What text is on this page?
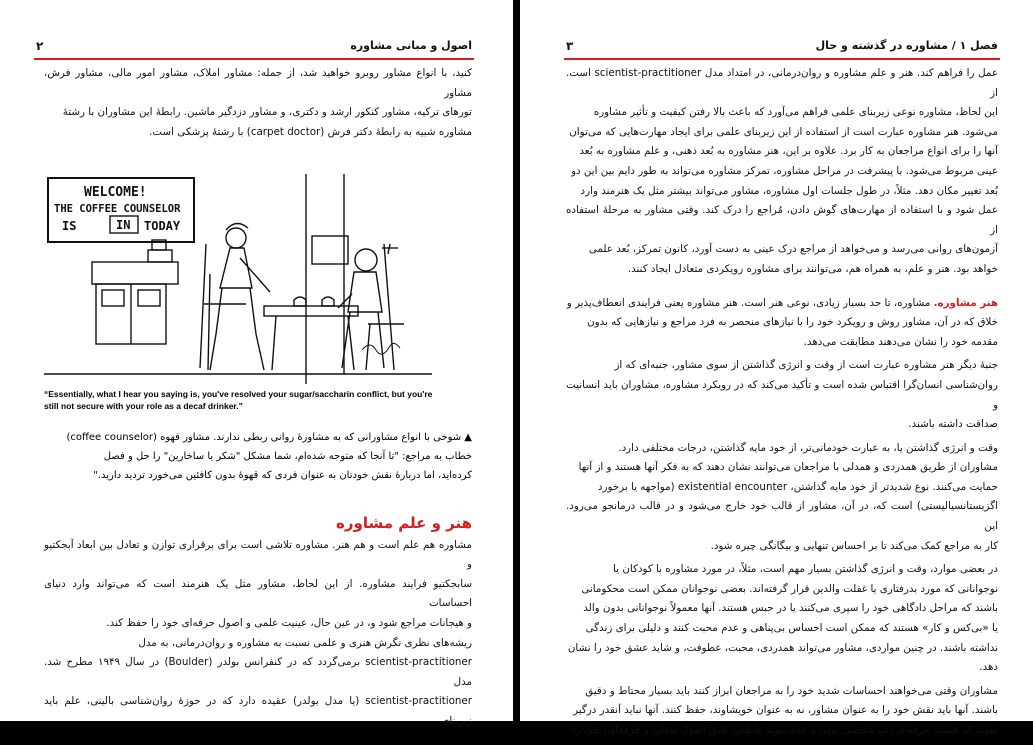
۲	اصول و مبانی مشاوره
کنید، با انواع مشاور روبرو خواهید شد، از جمله: مشاور املاک، مشاور امور مالی، مشاور فرش، مشاور
تورهای ترکیه، مشاور کنکور ارشد و دکتری، و مشاور دزدگیر ماشین. رابطهٔ این مشاوران با رشتهٔ
مشاوره شبیه به رابطهٔ دکتر فرش (carpet doctor) با رشتهٔ پزشکی است.
WELCOME!
THE COFFEE COUNSELOR
IS	IN TODAY
“Essentially, what I hear you saying is, you've resolved your sugar/saccharin conflict, but you're
still not secure with your role as a decaf drinker.”
▲ شوخی با انواع مشاورانی که به مشاورهٔ روانی ربطی ندارند. مشاور قهوه (coffee counselor)
خطاب به مراجع: "تا آنجا که متوجه شده‌ام، شما مشکل "شکر یا ساخارین" را حل و فصل
کرده‌اید، اما دربارهٔ نقش خودتان به عنوان فردی که قهوهٔ بدون کافئین می‌خورد تردید دارید."
هنر و علم مشاوره
مشاوره هم علم است و هم هنر. مشاوره تلاشی است برای برقراری توازن و تعادل بین ابعاد آبجکتیو و
سابجکتیو فرایند مشاوره. از این لحاظ، مشاور مثل یک هنرمند است که می‌تواند وارد دنیای احساسات
و هیجانات مراجع شود و، در عین حال، عینیت علمی و اصول حرفه‌ای خود را حفظ کند.
ریشه‌های نظری نگرش هنری و علمی نسبت به مشاوره و روان‌درمانی، به مدل
scientist-practitioner برمی‌گردد که در کنفرانس بولدر (Boulder) در سال ۱۹۴۹ مطرح شد. مدل
scientist-practitioner (یا مدل بولدر) عقیده دارد که در حوزهٔ روان‌شناسی بالینی، علم باید زیربنای
فصل ۱ / مشاوره در گذشته و حال
۳

عمل را فراهم کند. هنر و علم مشاوره و روان‌درمانی، در امتداد مدل scientist-practitioner است. از
این لحاظ، مشاوره نوعی زیربنای علمی فراهم می‌آورد که باعث بالا رفتن کیفیت و تأثیر مشاوره
می‌شود. هنر مشاوره عبارت است از استفاده از این زیربنای علمی برای ایجاد مهارت‌هایی که می‌توان
آنها را برای انواع مراجعان به کار برد. علاوه بر این، هنر مشاوره به بُعد ذهنی، و علم مشاوره به بُعد
عینی مربوط می‌شود. با پیشرفت در مراحل مشاوره، تمرکز مشاوره می‌تواند به طور دایم بین این دو
بُعد تغییر مکان دهد. مثلاً، در طول جلسات اول مشاوره، مشاور می‌تواند بیشتر مثل یک هنرمند وارد
عمل شود و با استفاده از مهارت‌های گوش دادن، مُراجع را درک کند. وقتی مشاور به مرحلهٔ استفاده از
آزمون‌های روانی می‌رسد و می‌خواهد از مراجع درک عینی به دست آورد، کانون تمرکز، بُعد علمی
خواهد بود. هنر و علم، به همراه هم، می‌توانند برای مشاوره رویکردی متعادل ایجاد کنند.

هنر مشاوره. مشاوره، تا حد بسیار زیادی، نوعی هنر است. هنر مشاوره یعنی فرایندی انعطاف‌پذیر و
خلاق که در آن، مشاور روش و رویکرد خود را با نیازهای منحصر به فرد مراجع و نیازهایی که بدون
مقدمه خود را نشان می‌دهند مطابقت می‌دهد.

جنبهٔ دیگر هنر مشاوره عبارت است از وقت و انرژی گذاشتن از سوی مشاور، جنبه‌ای که از
روان‌شناسی انسان‌گرا اقتباس شده است و تأکید می‌کند که در رویکرد مشاوره، مشاوران باید انسانیت و
صداقت داشته باشند.

وقت و انرژی گذاشتن یا، به عبارت خودمانی‌تر، از خود مایه گذاشتن، درجات مختلفی دارد.
مشاوران از طریق همدردی و همدلی با مراجعان می‌توانند نشان دهند که به فکر آنها هستند و از آنها
حمایت می‌کنند. نوع شدیدتر از خود مایه گذاشتن، existential encounter (مواجهه یا برخورد
اگزیستانسیالیستی) است که، در آن، مشاور از قالب خود خارج می‌شود و در قالب درمانجو می‌رود. این
کار به مراجع کمک می‌کند تا بر احساس تنهایی و بیگانگی چیره شود.

در بعضی موارد، وقت و انرژی گذاشتن بسیار مهم است، مثلاً، در مورد مشاوره با کودکان یا
نوجوانانی که مورد بدرفتاری یا غفلت والدین قرار گرفته‌اند. بعضی نوجوانان ممکن است محکومانی
باشند که مراحل دادگاهی خود را سپری می‌کنند یا در حبس هستند. آنها معمولاً نوجوانانی بدون والد
یا «بی‌کس و کار» هستند که ممکن است احساس بی‌پناهی و عدم محبت کنند و دلیلی برای زندگی
نداشته باشند. در چنین مواردی، مشاور می‌تواند همدردی، محبت، عطوفت، و شاید عشق خود را نشان
دهد.

مشاوران وقتی می‌خواهند احساسات شدید خود را به مراجعان ابراز کنند باید بسیار محتاط و دقیق
باشند. آنها باید نقش خود را به عنوان مشاور، نه به عنوان خویشاوند، حفظ کنند. آنها نباید آنقدر درگیر
شوند که عینیت حرفه‌ای (غیرشخصی بودن و عدم پیوند عاطفی طبق اصول شغلی و حرفه‌ای) خود را
